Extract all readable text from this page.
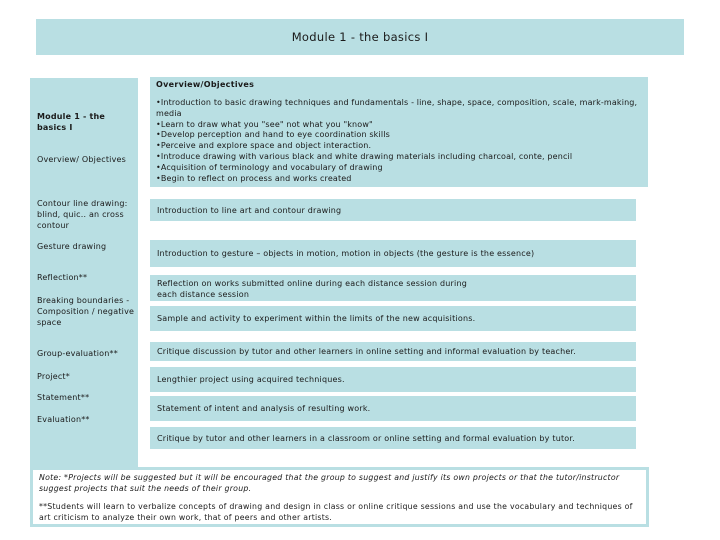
Module 1 - the basics I
Module 1 - the basics I
Overview/ Objectives
Contour line drawing: blind, quic.. an cross contour
Gesture drawing
Reflection**
Breaking boundaries - Composition / negative space
Group-evaluation**
Project*
Statement**
Evaluation**
Overview/Objectives
• Introduction to basic drawing techniques and fundamentals - line, shape, space, composition, scale, mark-making, media
• Learn to draw what you "see" not what you "know"
• Develop perception and hand to eye coordination skills
• Perceive and explore space and object interaction.
• Introduce drawing with various black and white drawing materials including charcoal, conte, pencil
• Acquisition of terminology and vocabulary of drawing
• Begin to reflect on process and works created
Introduction to line art and contour drawing
Introduction to gesture – objects in motion, motion in objects (the gesture is the essence)
Reflection on works submitted online during each distance session during each distance session
Sample and activity to experiment within the limits of the new acquisitions.
Critique discussion by tutor and other learners in online setting and informal evaluation by teacher.
Lengthier project using acquired techniques.
Statement of intent and analysis of resulting work.
Critique by tutor and other learners in a classroom or online setting and formal evaluation by tutor.

Note: *Projects will be suggested but it will be encouraged that the group to suggest and justify its own projects or that the tutor/instructor suggest projects that suit the needs of their group.

**Students will learn to verbalize concepts of drawing and design in class or online critique sessions and use the vocabulary and techniques of art criticism to analyze their own work, that of peers and other artists.
